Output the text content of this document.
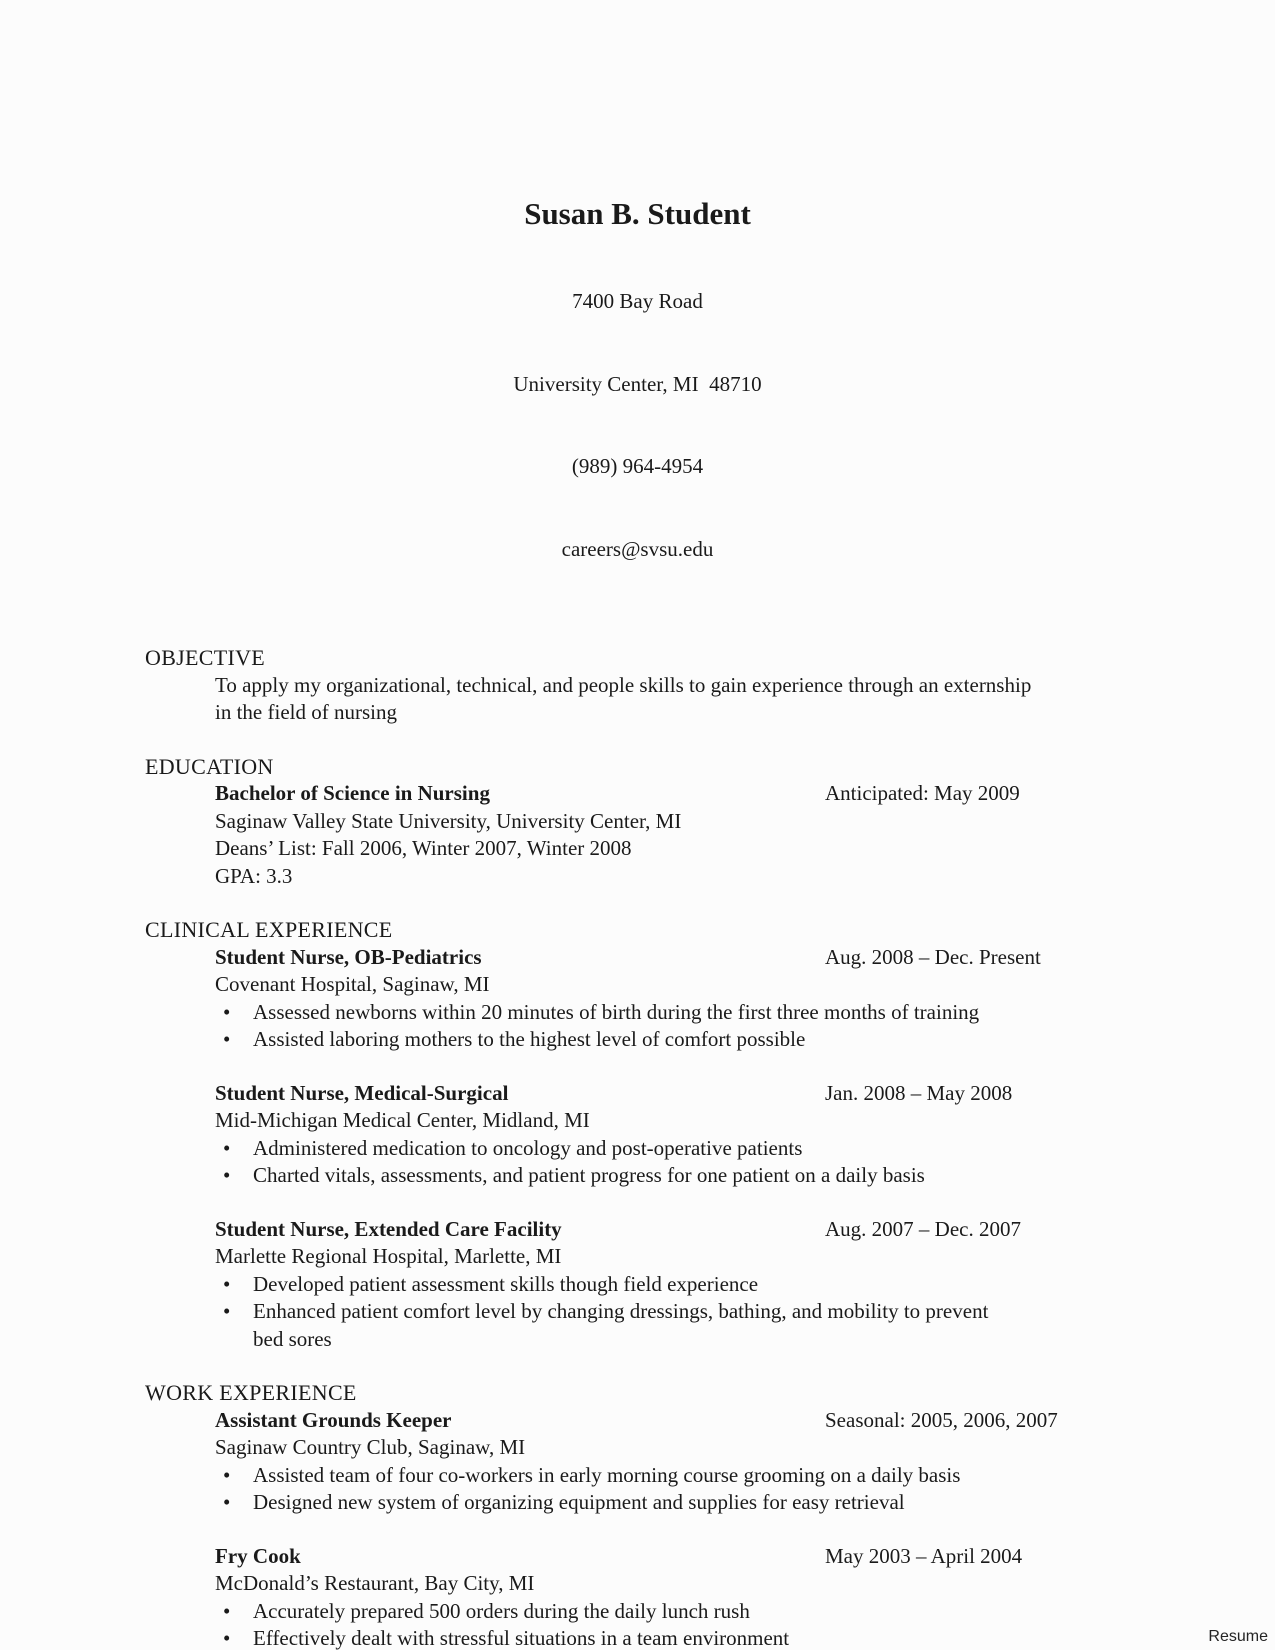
Susan B. Student

7400 Bay Road

University Center, MI  48710

(989) 964-4954

careers@svsu.edu

OBJECTIVE

To apply my organizational, technical, and people skills to gain experience through an externship in the field of nursing

EDUCATION
Bachelor of Science in Nursing	Anticipated: May 2009
Saginaw Valley State University, University Center, MI
Deans’ List: Fall 2006, Winter 2007, Winter 2008
GPA: 3.3
CLINICAL EXPERIENCE
Student Nurse, OB-Pediatrics	Aug. 2008 – Dec. Present
Covenant Hospital, Saginaw, MI
• Assessed newborns within 20 minutes of birth during the first three months of training
• Assisted laboring mothers to the highest level of comfort possible
Student Nurse, Medical-Surgical	Jan. 2008 – May 2008
Mid-Michigan Medical Center, Midland, MI
• Administered medication to oncology and post-operative patients
• Charted vitals, assessments, and patient progress for one patient on a daily basis
Student Nurse, Extended Care Facility	Aug. 2007 – Dec. 2007
Marlette Regional Hospital, Marlette, MI
• Developed patient assessment skills though field experience
• Enhanced patient comfort level by changing dressings, bathing, and mobility to prevent bed sores
WORK EXPERIENCE
Assistant Grounds Keeper	Seasonal: 2005, 2006, 2007
Saginaw Country Club, Saginaw, MI
• Assisted team of four co-workers in early morning course grooming on a daily basis
• Designed new system of organizing equipment and supplies for easy retrieval
Fry Cook	May 2003 – April 2004
McDonald’s Restaurant, Bay City, MI
• Accurately prepared 500 orders during the daily lunch rush
• Effectively dealt with stressful situations in a team environment	Resume
